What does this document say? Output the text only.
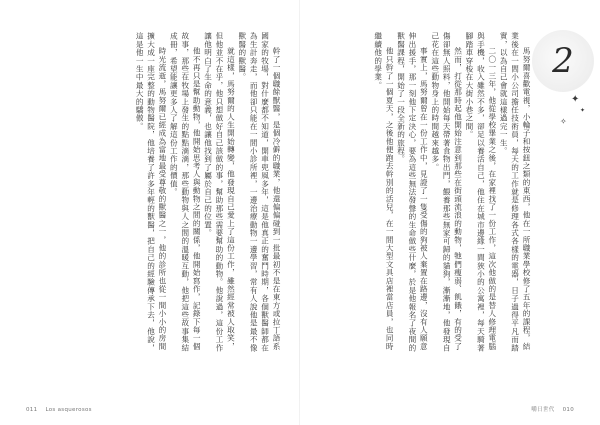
幹了一個職餘獸醫，是個冷僻的職業，他還偏偏碰到一批最初不是在東方或拉丁語系國家的牧場，對什麼都不知道，開車兜風多年，這是他真正的奮鬥時期，各個獸醫師都在為生計奔走，而他卻只能在一間小診所裡，一邊治療動物一邊學習，常有人說他是最不像獸醫的獸醫。

就這樣，馬努爾的人生開始轉變，他發現自己愛上了這份工作，雖然經常被人取笑，但他並不在乎，他只想做好自己該做的事，幫助那些需要幫助的動物。他說過，這份工作讓他明白了生命的意義，也讓他找到了屬於自己的位置。

他不再只是幫助動物，他開始思考人與動物之間的關係，他開始寫作，記錄下每一個故事，那些在牧場上發生的點點滴滴，那些動物與人之間的溫暖互動，他把這些故事集結成冊，希望能讓更多人了解這份工作的價值。

時光流逝，馬努爾已經成為當地最受尊敬的獸醫之一，他的診所也從一間小小的房間擴大成一座完整的動物醫院，他培養了許多年輕的獸醫，把自己的經驗傳承下去，他說，這是他一生中最大的驕傲。

011 Los asquerosos
2
✦
✦
✧

馬努爾喜歡電視，小輪子和按鈕之類的東西，他在一所職業學校修了五年的課程，結業後在一間小公司擔任技術員，每天的工作就是修理各式各樣的電器，日子過得平凡而踏實，以為自己會就這樣過完一生。

二〇一三年，他從學校畢業之後，在家裡找了一份工作，這次他做的是替人修理電腦與手機，收入雖然不多，卻足以養活自己，他住在城市邊緣一間狹小的公寓裡，每天騎著腳踏車穿梭在大街小巷之間。

然而，打從那時起他開始注意到那些在街頭流浪的動物，牠們瘦弱、飢餓，有的受了傷卻無人照料，他開始每天帶著食物出門，餵養那些無家可歸的貓狗，漸漸地，他發現自己花在這些動物身上的時間越來越多。

事實上，馬努爾曾在一份工作中，見證了一隻受傷的狗被人棄置在路邊，沒有人願意伸出援手，那一刻他下定決心，要為這些無法發聲的生命做些什麼，於是他報名了夜間的獸醫課程，開始了一段全新的旅程。

他只幹了一個夏天，之後他便跑去幹別的活兒，在一間大型文具店裡當店員，也同時繼續他的學業。

嚼日世代 010
